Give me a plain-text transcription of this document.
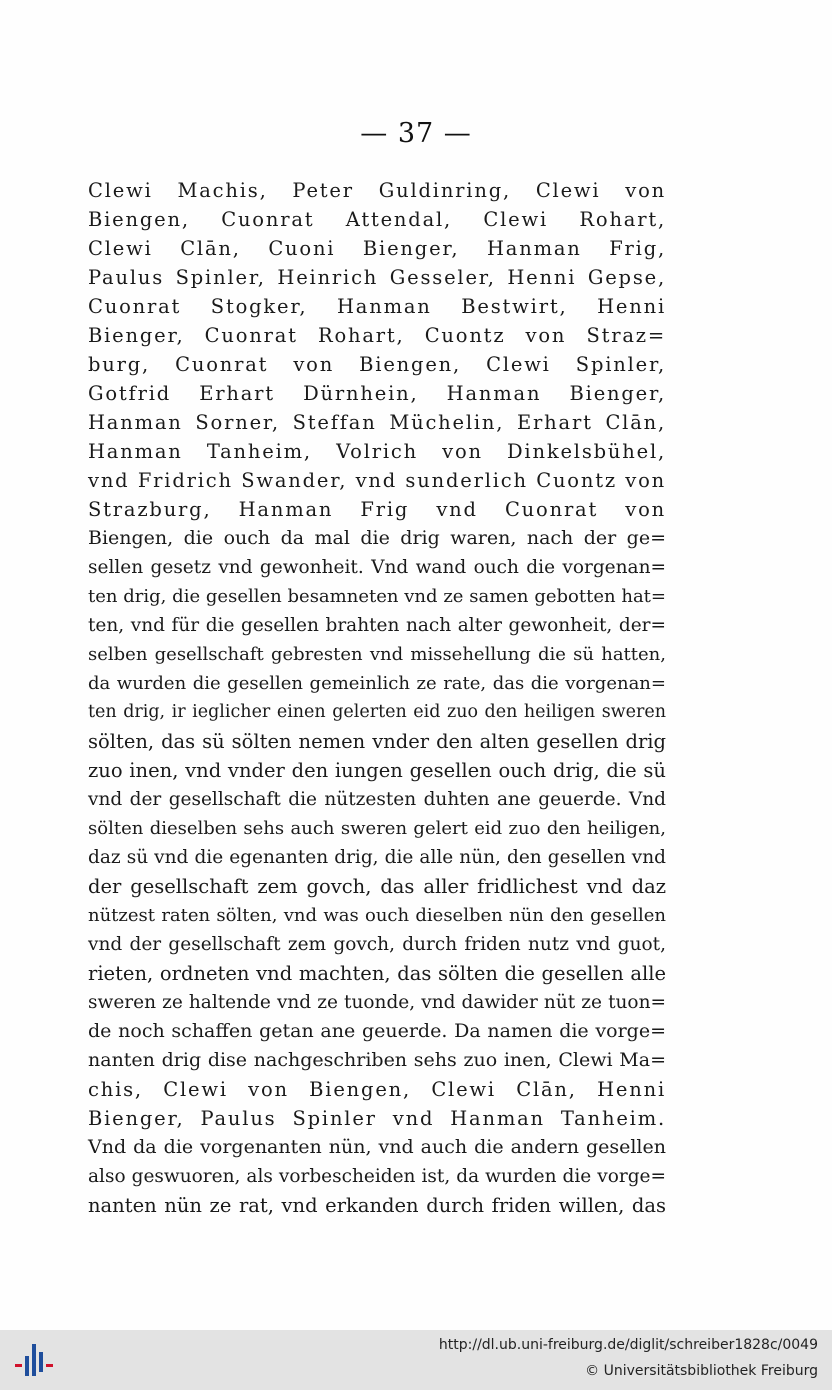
— 37 —
Clewi Machis, Peter Guldinring, Clewi von
Biengen, Cuonrat Attendal, Clewi Rohart,
Clewi Clān, Cuoni Bienger, Hanman Frig,
Paulus Spinler, Heinrich Gesseler, Henni Gepse,
Cuonrat Stogker, Hanman Bestwirt, Henni
Bienger, Cuonrat Rohart, Cuontz von Straz=
burg, Cuonrat von Biengen, Clewi Spinler,
Gotfrid Erhart Dürnhein, Hanman Bienger,
Hanman Sorner, Steffan Müchelin, Erhart Clān,
Hanman Tanheim, Volrich von Dinkelsbühel,
vnd Fridrich Swander, vnd sunderlich Cuontz von
Strazburg, Hanman Frig vnd Cuonrat von
Biengen, die ouch da mal die drig waren, nach der ge=
sellen gesetz vnd gewonheit. Vnd wand ouch die vorgenan=
ten drig, die gesellen besamneten vnd ze samen gebotten hat=
ten, vnd für die gesellen brahten nach alter gewonheit, der=
selben gesellschaft gebresten vnd missehellung die sü hatten,
da wurden die gesellen gemeinlich ze rate, das die vorgenan=
ten drig, ir ieglicher einen gelerten eid zuo den heiligen sweren
sölten, das sü sölten nemen vnder den alten gesellen drig
zuo inen, vnd vnder den iungen gesellen ouch drig, die sü
vnd der gesellschaft die nützesten duhten ane geuerde. Vnd
sölten dieselben sehs auch sweren gelert eid zuo den heiligen,
daz sü vnd die egenanten drig, die alle nün, den gesellen vnd
der gesellschaft zem govch, das aller fridlichest vnd daz
nützest raten sölten, vnd was ouch dieselben nün den gesellen
vnd der gesellschaft zem govch, durch friden nutz vnd guot,
rieten, ordneten vnd machten, das sölten die gesellen alle
sweren ze haltende vnd ze tuonde, vnd dawider nüt ze tuon=
de noch schaffen getan ane geuerde. Da namen die vorge=
nanten drig dise nachgeschriben sehs zuo inen, Clewi Ma=
chis, Clewi von Biengen, Clewi Clān, Henni
Bienger, Paulus Spinler vnd Hanman Tanheim.
Vnd da die vorgenanten nün, vnd auch die andern gesellen
also geswuoren, als vorbescheiden ist, da wurden die vorge=
nanten nün ze rat, vnd erkanden durch friden willen, das
http://dl.ub.uni-freiburg.de/diglit/schreiber1828c/0049
© Universitätsbibliothek Freiburg
